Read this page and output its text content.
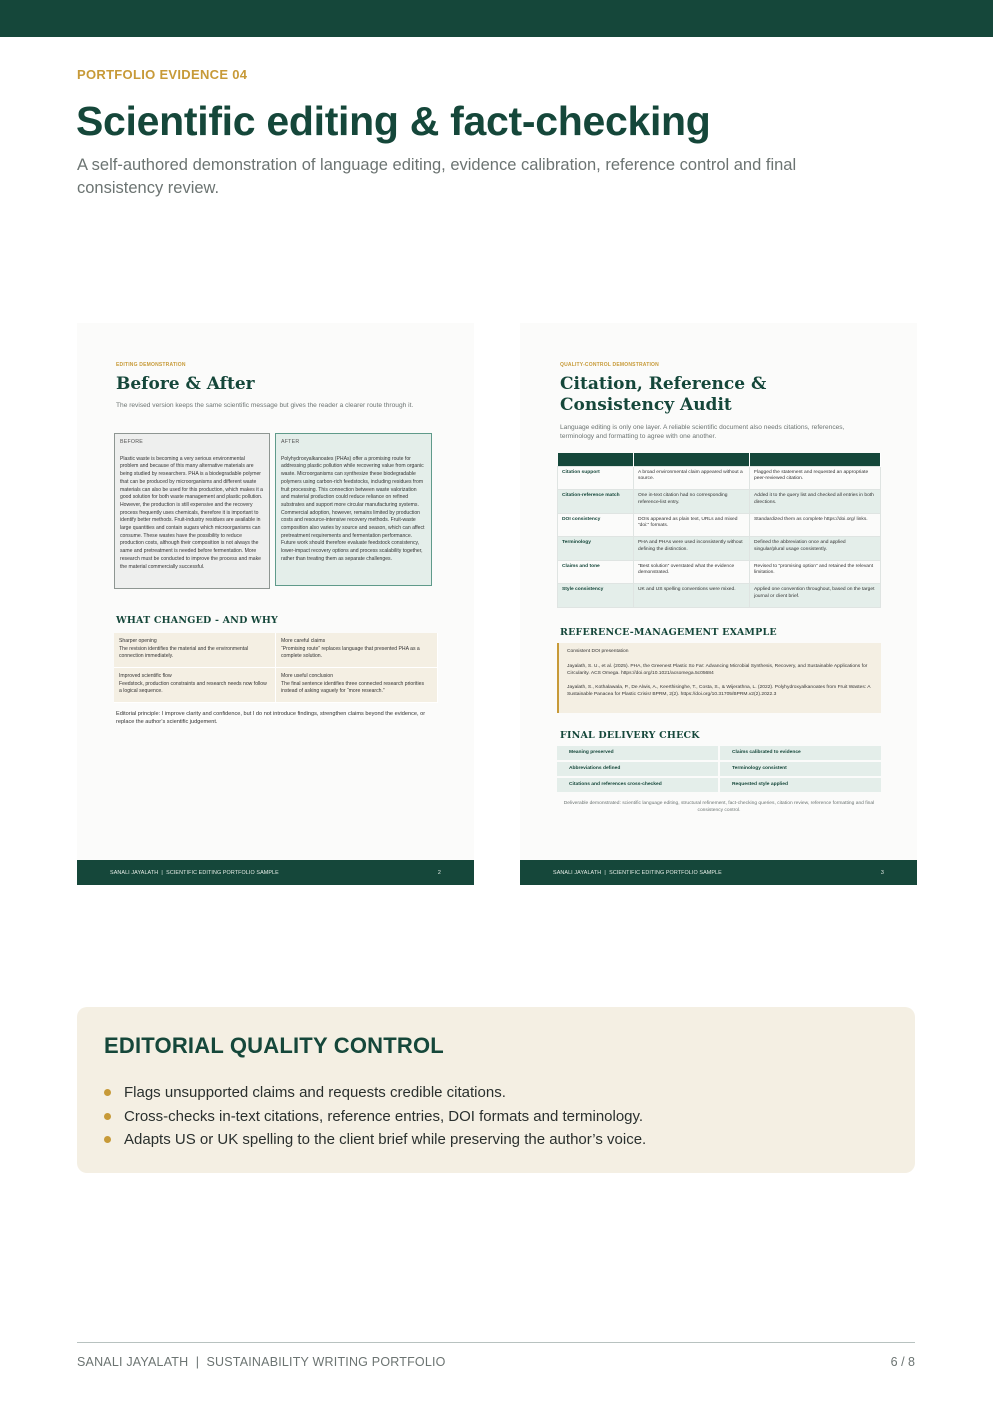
PORTFOLIO EVIDENCE 04
Scientific editing & fact-checking

A self-authored demonstration of language editing, evidence calibration, reference control and final consistency review.

EDITING DEMONSTRATION
Before & After
The revised version keeps the same scientific message but gives the reader a clearer route through it.
BEFORE
Plastic waste is becoming a very serious environmental problem and because of this many alternative materials are being studied by researchers. PHA is a biodegradable polymer that can be produced by microorganisms and different waste materials can also be used for this production, which makes it a good solution for both waste management and plastic pollution. However, the production is still expensive and the recovery process frequently uses chemicals, therefore it is important to identify better methods. Fruit-industry residues are available in large quantities and contain sugars which microorganisms can consume. These wastes have the possibility to reduce production costs, although their composition is not always the same and pretreatment is needed before fermentation. More research must be conducted to improve the process and make the material commercially successful.
AFTER
Polyhydroxyalkanoates (PHAs) offer a promising route for addressing plastic pollution while recovering value from organic waste. Microorganisms can synthesize these biodegradable polymers using carbon-rich feedstocks, including residues from fruit processing. This connection between waste valorization and material production could reduce reliance on refined substrates and support more circular manufacturing systems. Commercial adoption, however, remains limited by production costs and resource-intensive recovery methods. Fruit-waste composition also varies by source and season, which can affect pretreatment requirements and fermentation performance. Future work should therefore evaluate feedstock consistency, lower-impact recovery options and process scalability together, rather than treating them as separate challenges.
WHAT CHANGED - AND WHY
Sharper opening
The revision identifies the material and the environmental connection immediately.
More careful claims
“Promising route” replaces language that presented PHA as a complete solution.
Improved scientific flow
Feedstock, production constraints and research needs now follow a logical sequence.
More useful conclusion
The final sentence identifies three connected research priorities instead of asking vaguely for “more research.”
Editorial principle: I improve clarity and confidence, but I do not introduce findings, strengthen claims beyond the evidence, or replace the author’s scientific judgement.
SANALI JAYALATH  |  SCIENTIFIC EDITING PORTFOLIO SAMPLE	2
QUALITY-CONTROL DEMONSTRATION
Citation, Reference & Consistency Audit
Language editing is only one layer. A reliable scientific document also needs citations, references, terminology and formatting to agree with one another.

Citation support	A broad environmental claim appeared without a source.	Flagged the statement and requested an appropriate peer-reviewed citation.
Citation-reference match	One in-text citation had no corresponding reference-list entry.	Added it to the query list and checked all entries in both directions.
DOI consistency	DOIs appeared as plain text, URLs and mixed “doi:” formats.	Standardized them as complete https://doi.org/ links.
Terminology	PHA and PHAs were used inconsistently without defining the distinction.	Defined the abbreviation once and applied singular/plural usage consistently.
Claims and tone	“Best solution” overstated what the evidence demonstrated.	Revised to “promising option” and retained the relevant limitation.
Style consistency	UK and US spelling conventions were mixed.	Applied one convention throughout, based on the target journal or client brief.
REFERENCE-MANAGEMENT EXAMPLE
Consistent DOI presentation
Jayalath, S. U., et al. (2025). PHA, the Greenest Plastic So Far: Advancing Microbial Synthesis, Recovery, and Sustainable Applications for Circularity. ACS Omega. https://doi.org/10.1021/acsomega.5c05684
Jayalath, S., Kothalawala, P., De Alwis, A., Keerthisinghe, T., Costa, S., & Wijerathna, L. (2022). Polyhydroxyalkanoates from Fruit Wastes: A Sustainable Panacea for Plastic Crisis! BPRM, 2(2). https://doi.org/10.31705/BPRM.v2(2).2022.3
FINAL DELIVERY CHECK
Meaning preserved	Claims calibrated to evidence
Abbreviations defined	Terminology consistent
Citations and references cross-checked	Requested style applied
Deliverable demonstrated: scientific language editing, structural refinement, fact-checking queries, citation review, reference formatting and final consistency control.
SANALI JAYALATH  |  SCIENTIFIC EDITING PORTFOLIO SAMPLE	3
EDITORIAL QUALITY CONTROL
Flags unsupported claims and requests credible citations.
Cross-checks in-text citations, reference entries, DOI formats and terminology.
Adapts US or UK spelling to the client brief while preserving the author’s voice.
SANALI JAYALATH  |  SUSTAINABILITY WRITING PORTFOLIO	6 / 8
